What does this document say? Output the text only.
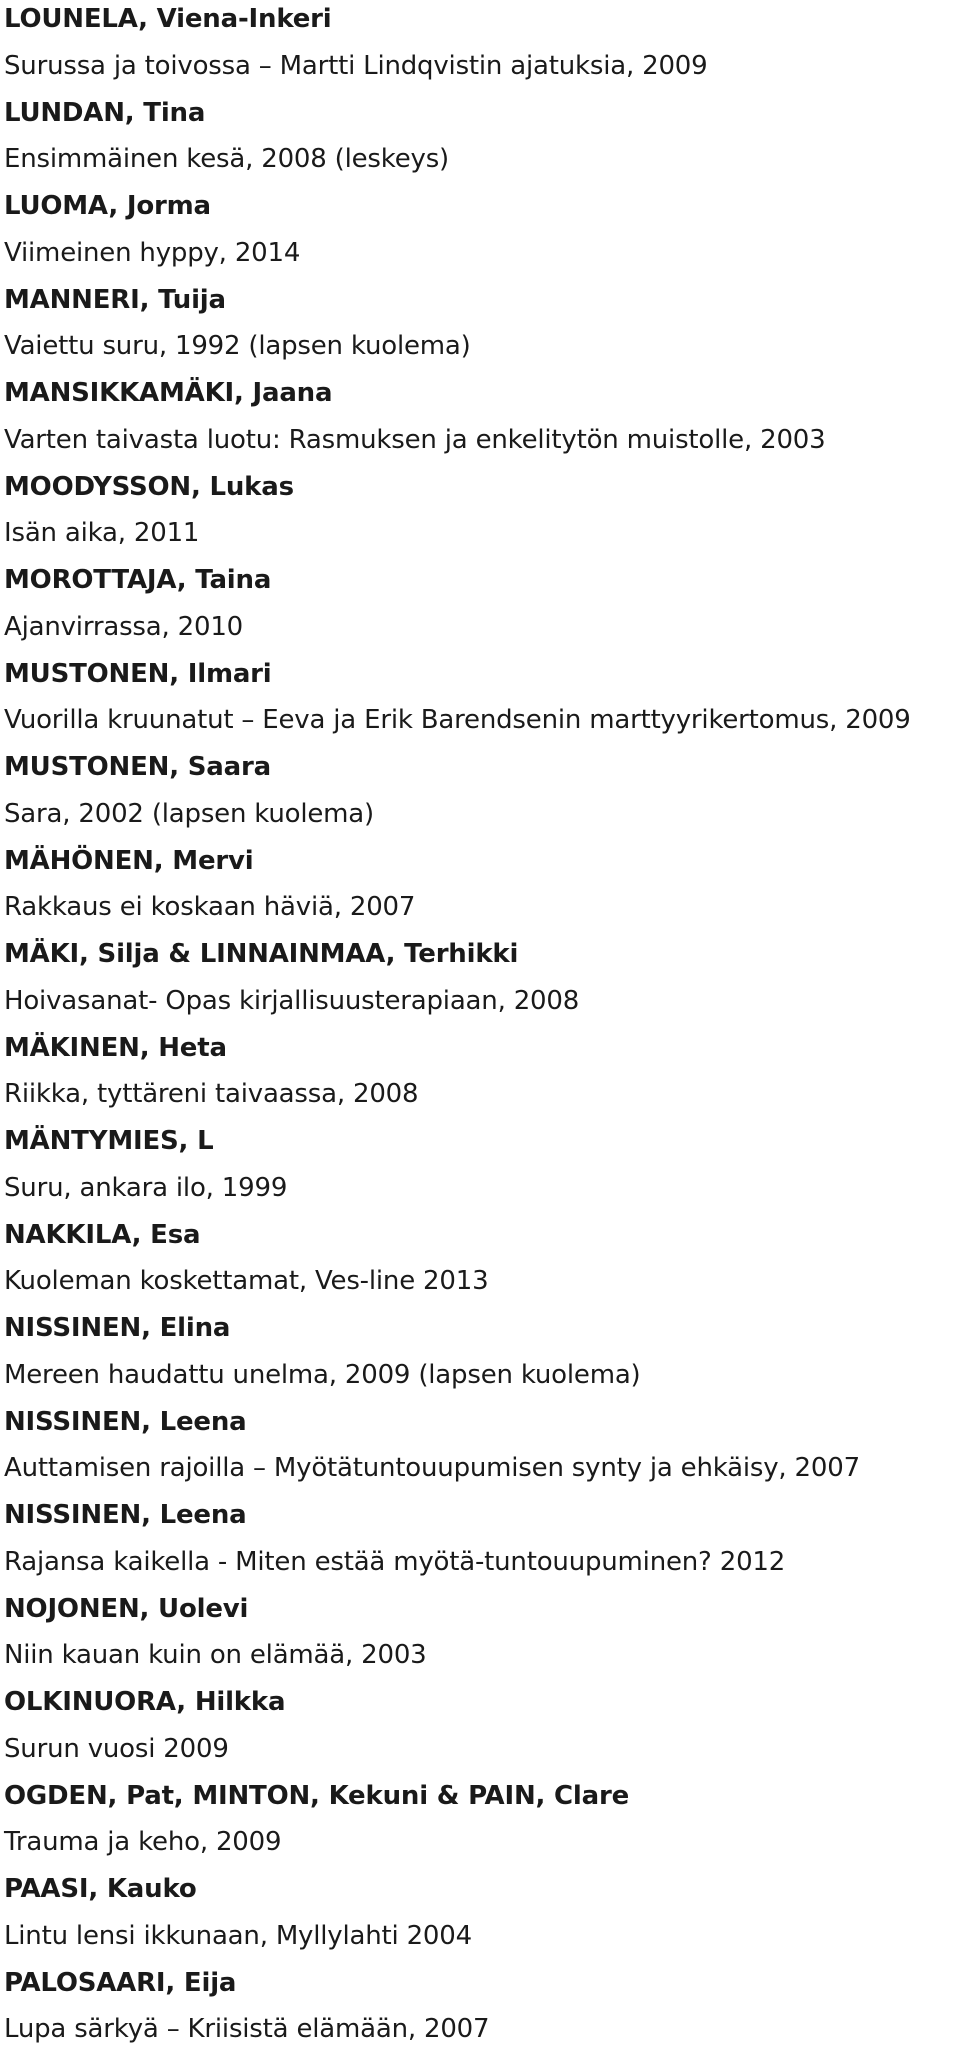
LOUNELA, Viena-Inkeri
Surussa ja toivossa – Martti Lindqvistin ajatuksia, 2009
LUNDAN, Tina
Ensimmäinen kesä, 2008 (leskeys)
LUOMA, Jorma
Viimeinen hyppy, 2014
MANNERI, Tuija
Vaiettu suru, 1992 (lapsen kuolema)
MANSIKKAMÄKI, Jaana
Varten taivasta luotu: Rasmuksen ja enkelitytön muistolle, 2003
MOODYSSON, Lukas
Isän aika, 2011
MOROTTAJA, Taina
Ajanvirrassa, 2010
MUSTONEN, Ilmari
Vuorilla kruunatut – Eeva ja Erik Barendsenin marttyyrikertomus, 2009
MUSTONEN, Saara
Sara, 2002 (lapsen kuolema)
MÄHÖNEN, Mervi
Rakkaus ei koskaan häviä, 2007
MÄKI, Silja & LINNAINMAA, Terhikki
Hoivasanat- Opas kirjallisuusterapiaan, 2008
MÄKINEN, Heta
Riikka, tyttäreni taivaassa, 2008
MÄNTYMIES, L
Suru, ankara ilo, 1999
NAKKILA, Esa
Kuoleman koskettamat, Ves-line 2013
NISSINEN, Elina
Mereen haudattu unelma, 2009 (lapsen kuolema)
NISSINEN, Leena
Auttamisen rajoilla – Myötätuntouupumisen synty ja ehkäisy, 2007
NISSINEN, Leena
Rajansa kaikella - Miten estää myötä-tuntouupuminen? 2012
NOJONEN, Uolevi
Niin kauan kuin on elämää, 2003
OLKINUORA, Hilkka
Surun vuosi 2009
OGDEN, Pat, MINTON, Kekuni & PAIN, Clare
Trauma ja keho, 2009
PAASI, Kauko
Lintu lensi ikkunaan, Myllylahti 2004
PALOSAARI, Eija
Lupa särkyä – Kriisistä elämään, 2007
